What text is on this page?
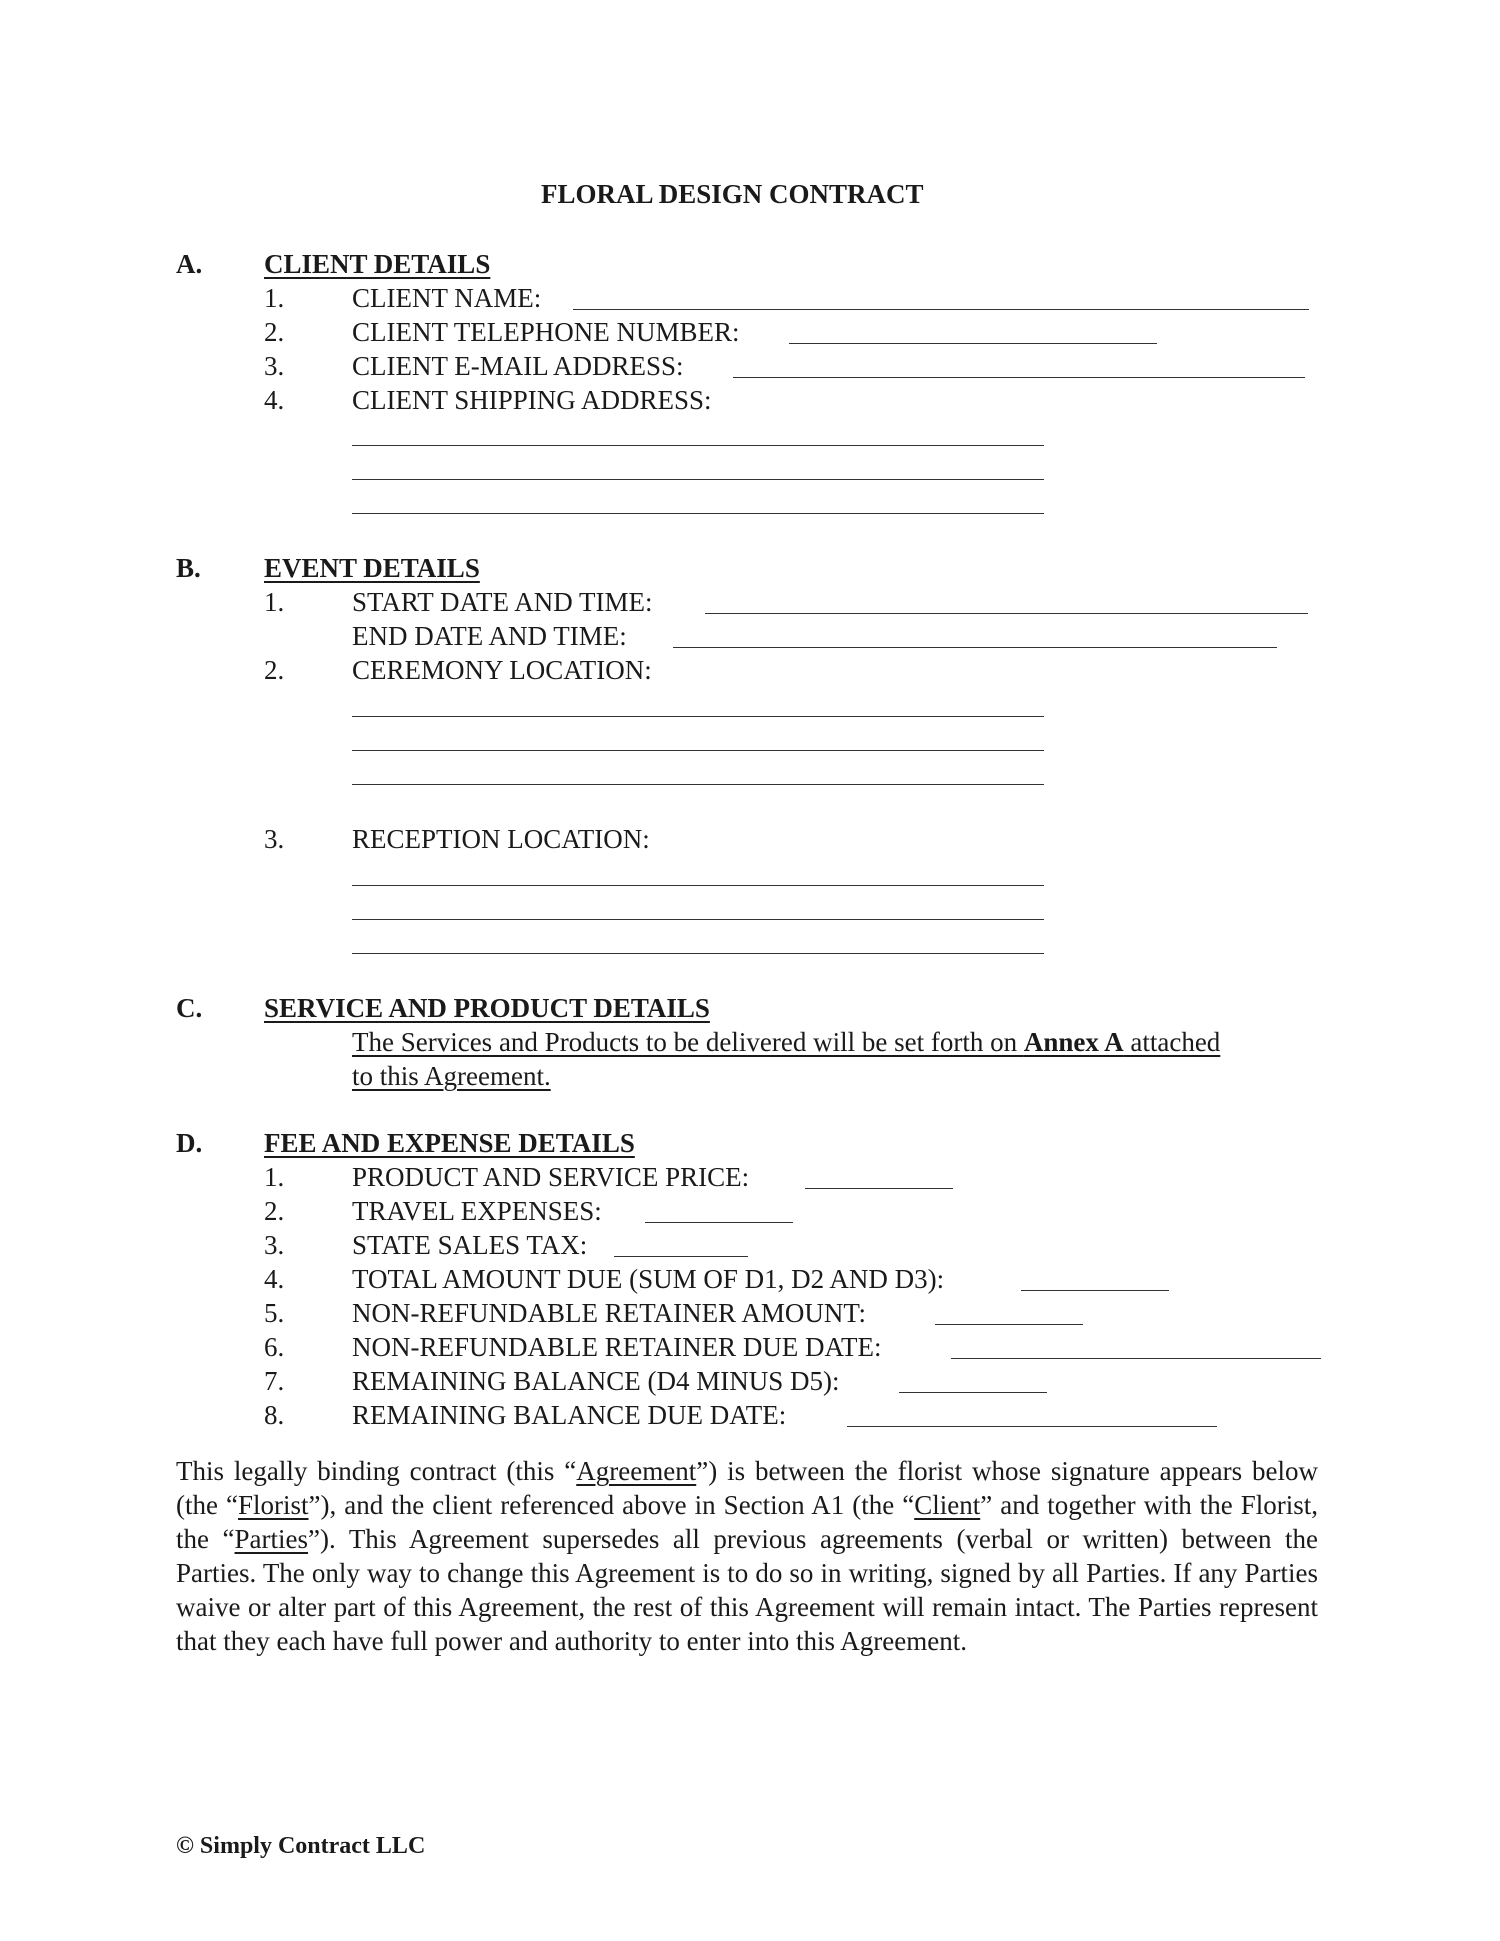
FLORAL DESIGN CONTRACT
A. CLIENT DETAILS
1.	CLIENT NAME:
2.	CLIENT TELEPHONE NUMBER:
3.	CLIENT E-MAIL ADDRESS:
4.	CLIENT SHIPPING ADDRESS:
B. EVENT DETAILS
1.	START DATE AND TIME:
END DATE AND TIME:
2.	CEREMONY LOCATION:
3.	RECEPTION LOCATION:
C. SERVICE AND PRODUCT DETAILS
The Services and Products to be delivered will be set forth on Annex A attached
to this Agreement.
D. FEE AND EXPENSE DETAILS
1.	PRODUCT AND SERVICE PRICE:
2.	TRAVEL EXPENSES:
3.	STATE SALES TAX:
4.	TOTAL AMOUNT DUE (SUM OF D1, D2 AND D3):
5.	NON-REFUNDABLE RETAINER AMOUNT:
6.	NON-REFUNDABLE RETAINER DUE DATE:
7.	REMAINING BALANCE (D4 MINUS D5):
8.	REMAINING BALANCE DUE DATE:
This legally binding contract (this “Agreement”) is between the florist whose signature appears below (the “Florist”), and the client referenced above in Section A1 (the “Client” and together with the Florist, the “Parties”). This Agreement supersedes all previous agreements (verbal or written) between the Parties. The only way to change this Agreement is to do so in writing, signed by all Parties. If any Parties waive or alter part of this Agreement, the rest of this Agreement will remain intact. The Parties represent that they each have full power and authority to enter into this Agreement.
© Simply Contract LLC
